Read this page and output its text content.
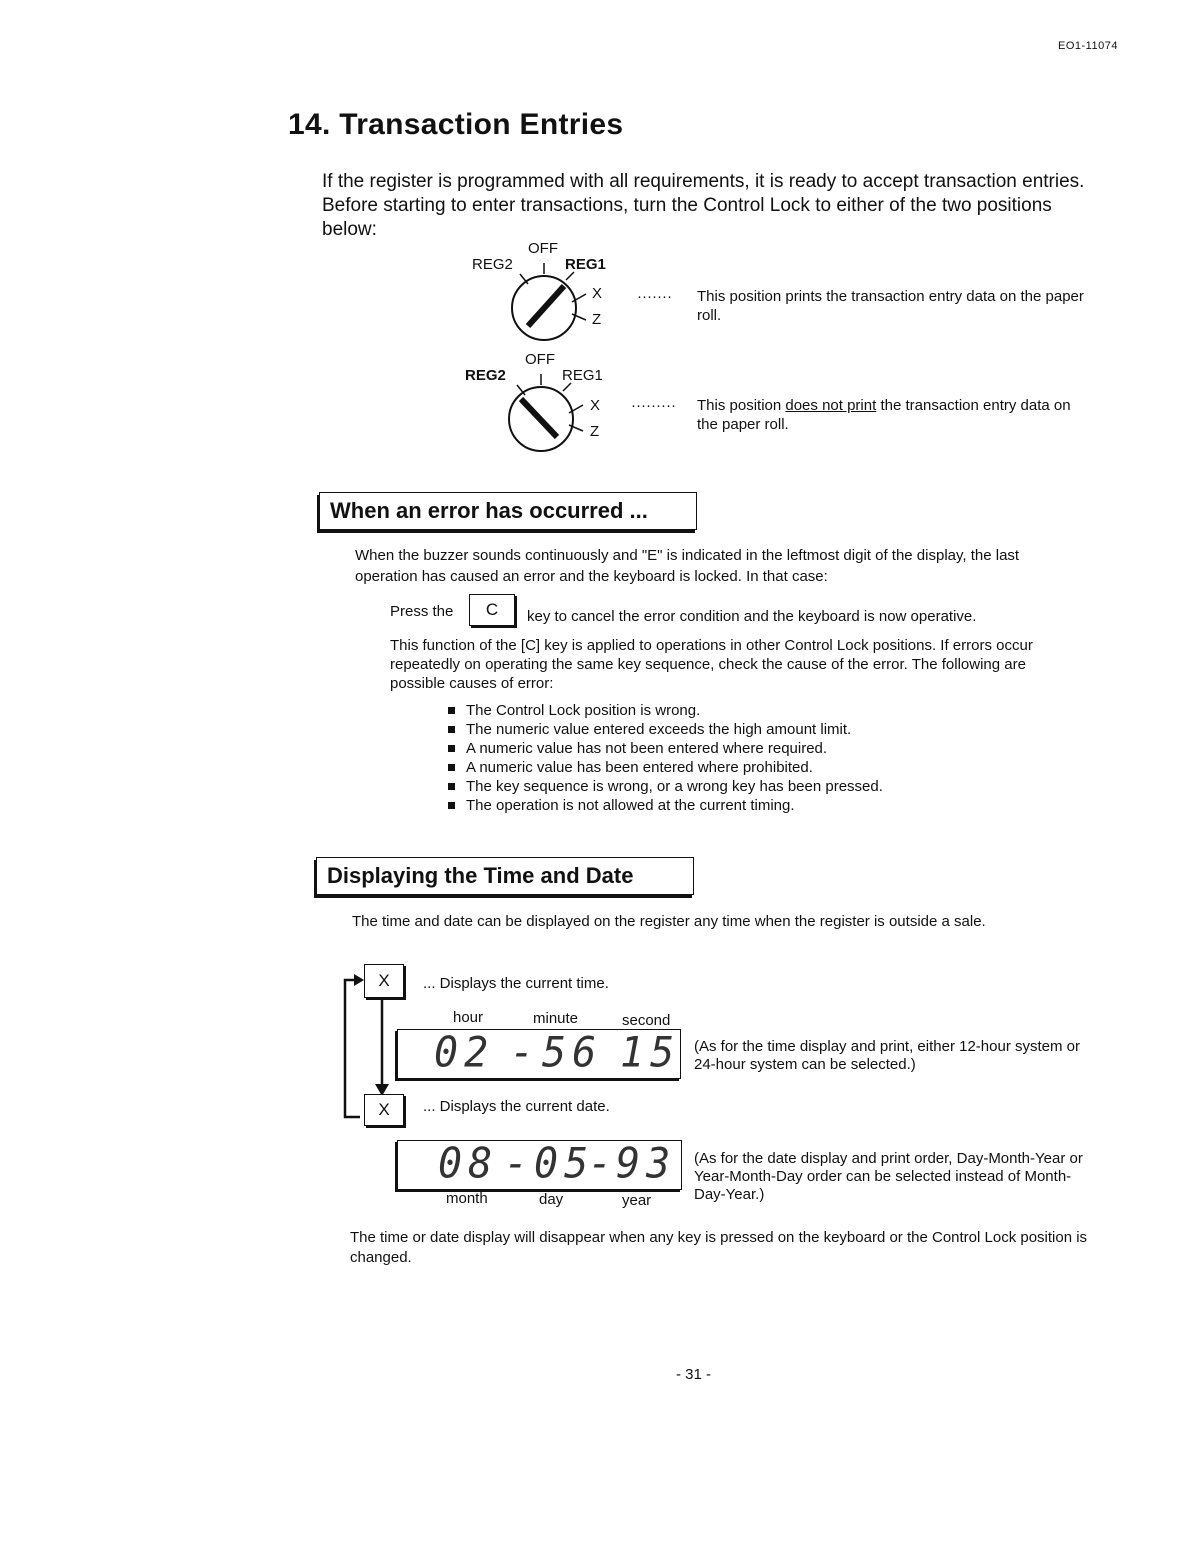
EO1-11074
14. Transaction Entries
If the register is programmed with all requirements, it is ready to accept transaction entries. Before starting to enter transactions, turn the Control Lock to either of the two positions below:
OFF
REG2	REG1
X
Z
······· This position prints the transaction entry data on the paper roll.
OFF
REG2	REG1
X
Z
········· This position does not print the transaction entry data on the paper roll.
When an error has occurred ...
When the buzzer sounds continuously and "E" is indicated in the leftmost digit of the display, the last operation has caused an error and the keyboard is locked. In that case:
Press the	C	key to cancel the error condition and the keyboard is now operative.
This function of the [C] key is applied to operations in other Control Lock positions. If errors occur repeatedly on operating the same key sequence, check the cause of the error. The following are possible causes of error:
The Control Lock position is wrong.
The numeric value entered exceeds the high amount limit.
A numeric value has not been entered where required.
A numeric value has been entered where prohibited.
The key sequence is wrong, or a wrong key has been pressed.
The operation is not allowed at the current timing.
Displaying the Time and Date
The time and date can be displayed on the register any time when the register is outside a sale.
X	... Displays the current time.
X	... Displays the current date.
hour	minute	second
02 - 56 15 (As for the time display and print, either 12-hour system or 24-hour system can be selected.)
08 - 05
-
93 (As for the date display and print order, Day-Month-Year or Year-Month-Day order can be selected instead of Month-Day-Year.)
month	day	year
The time or date display will disappear when any key is pressed on the keyboard or the Control Lock position is changed.
- 31 -
